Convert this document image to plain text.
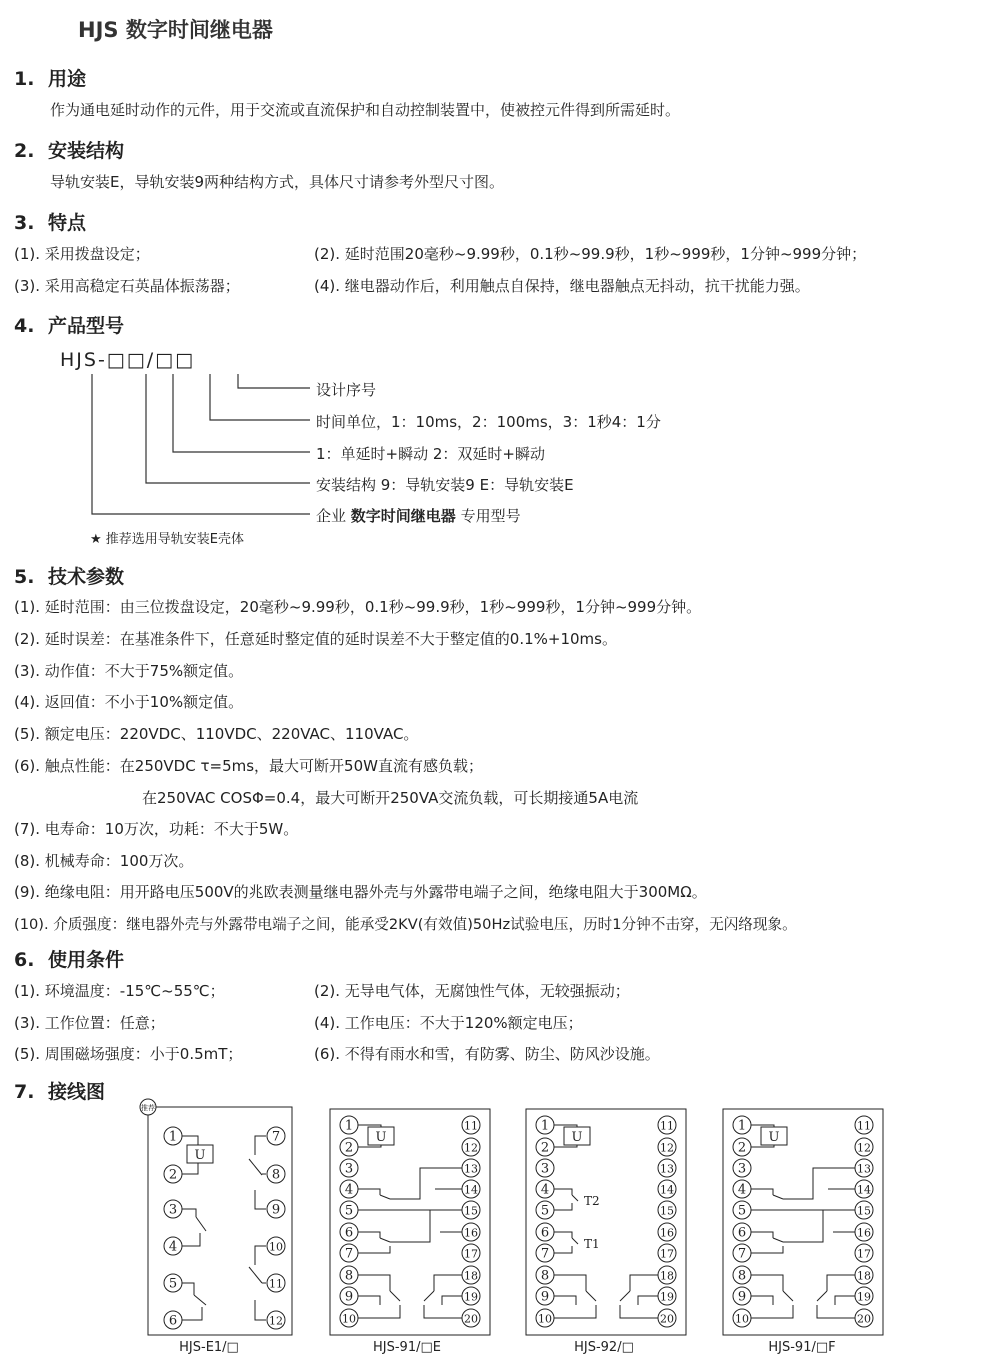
HJS 数字时间继电器
1. 用途
作为通电延时动作的元件，用于交流或直流保护和自动控制装置中，使被控元件得到所需延时。
2. 安装结构
导轨安装E，导轨安装9两种结构方式，具体尺寸请参考外型尺寸图。
3. 特点
(1). 采用拨盘设定；	(2). 延时范围20毫秒~9.99秒，0.1秒~99.9秒，1秒~999秒，1分钟~999分钟；
(3). 采用高稳定石英晶体振荡器；	(4). 继电器动作后，利用触点自保持，继电器触点无抖动，抗干扰能力强。
4. 产品型号
HJS-□□/□□
设计序号
时间单位，1：10ms，2：100ms，3：1秒4：1分
1：单延时+瞬动 2：双延时+瞬动
安装结构 9：导轨安装9 E：导轨安装E
企业 数字时间继电器 专用型号
★ 推荐选用导轨安装E壳体
5. 技术参数
(1). 延时范围：由三位拨盘设定，20毫秒~9.99秒，0.1秒~99.9秒，1秒~999秒，1分钟~999分钟。
(2). 延时误差：在基准条件下，任意延时整定值的延时误差不大于整定值的0.1%+10ms。
(3). 动作值：不大于75%额定值。
(4). 返回值：不小于10%额定值。
(5). 额定电压：220VDC、110VDC、220VAC、110VAC。
(6). 触点性能：在250VDC τ=5ms，最大可断开50W直流有感负载；
在250VAC COSΦ=0.4，最大可断开250VA交流负载，可长期接通5A电流
(7). 电寿命：10万次，功耗：不大于5W。
(8). 机械寿命：100万次。
(9). 绝缘电阻：用开路电压500V的兆欧表测量继电器外壳与外露带电端子之间，绝缘电阻大于300MΩ。
(10). 介质强度：继电器外壳与外露带电端子之间，能承受2KV(有效值)50Hz试验电压，历时1分钟不击穿，无闪络现象。
6. 使用条件
(1). 环境温度：-15℃~55℃；	(2). 无导电气体，无腐蚀性气体，无较强振动；
(3). 工作位置：任意；	(4). 工作电压：不大于120%额定电压；
(5). 周围磁场强度：小于0.5mT；	(6). 不得有雨水和雪，有防雾、防尘、防风沙设施。
7. 接线图
推荐
U
1
2
3
4
5
6
7
8
9
10
11
12
U
1
2
3
4
5
6
7
8
9
10
11
12
13
14
15
16
17
18
19
20
U
T2
T1
1
2
3
4
5
6
7
8
9
10
11
12
13
14
15
16
17
18
19
20
U
1
2
3
4
5
6
7
8
9
10
11
12
13
14
15
16
17
18
19
20
HJS-E1/□	HJS-91/□E	HJS-92/□	HJS-91/□F
